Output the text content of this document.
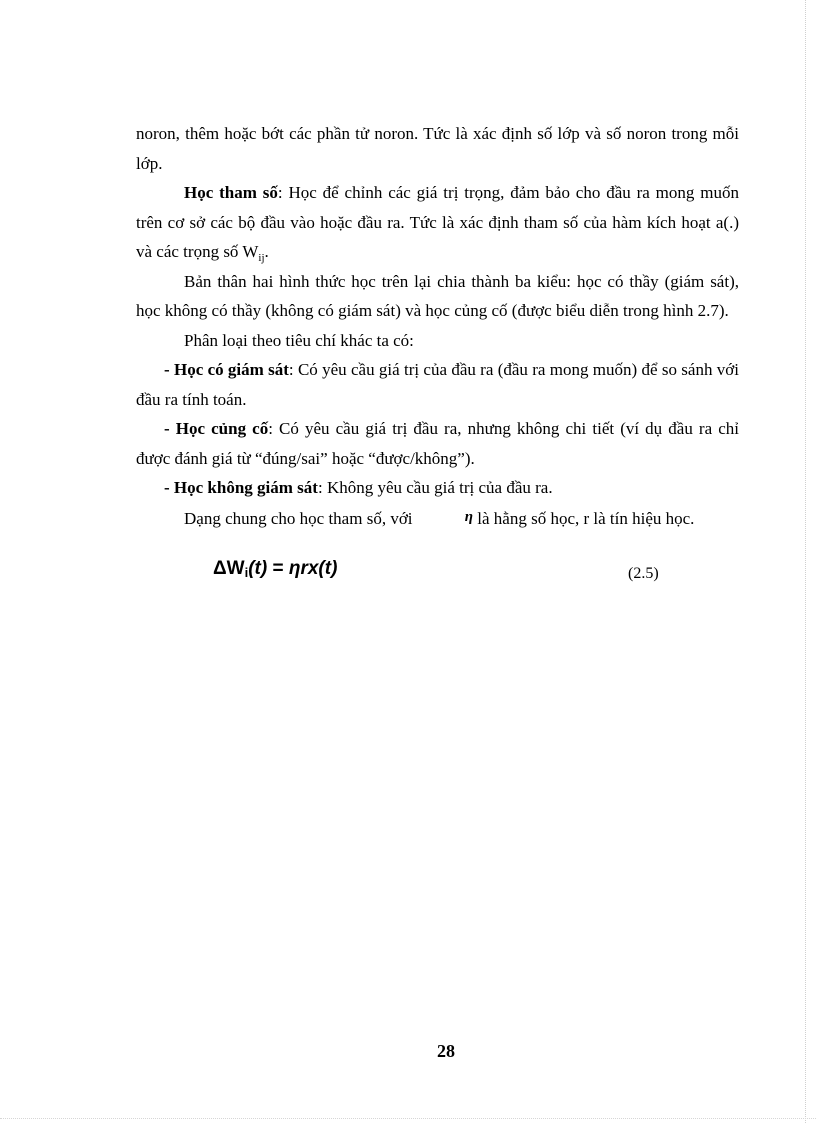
noron, thêm hoặc bớt các phần tử noron. Tức là xác định số lớp và số noron trong mỗi lớp.

Học tham số: Học để chỉnh các giá trị trọng, đảm bảo cho đầu ra mong muốn trên cơ sở các bộ đầu vào hoặc đầu ra. Tức là xác định tham số của hàm kích hoạt a(.) và các trọng số $W_{ij}$.

Bản thân hai hình thức học trên lại chia thành ba kiểu: học có thầy (giám sát), học không có thầy (không có giám sát) và học củng cố (được biểu diễn trong hình 2.7).

Phân loại theo tiêu chí khác ta có:

- Học có giám sát: Có yêu cầu giá trị của đầu ra (đầu ra mong muốn) để so sánh với đầu ra tính toán.

- Học củng cố: Có yêu cầu giá trị đầu ra, nhưng không chi tiết (ví dụ đầu ra chỉ được đánh giá từ “đúng/sai” hoặc “được/không”).

- Học không giám sát: Không yêu cầu giá trị của đầu ra.

Dạng chung cho học tham số, với	η là hằng số học, r là tín hiệu học.

ΔWi(t) = ηrx(t)	(2.5)
28
